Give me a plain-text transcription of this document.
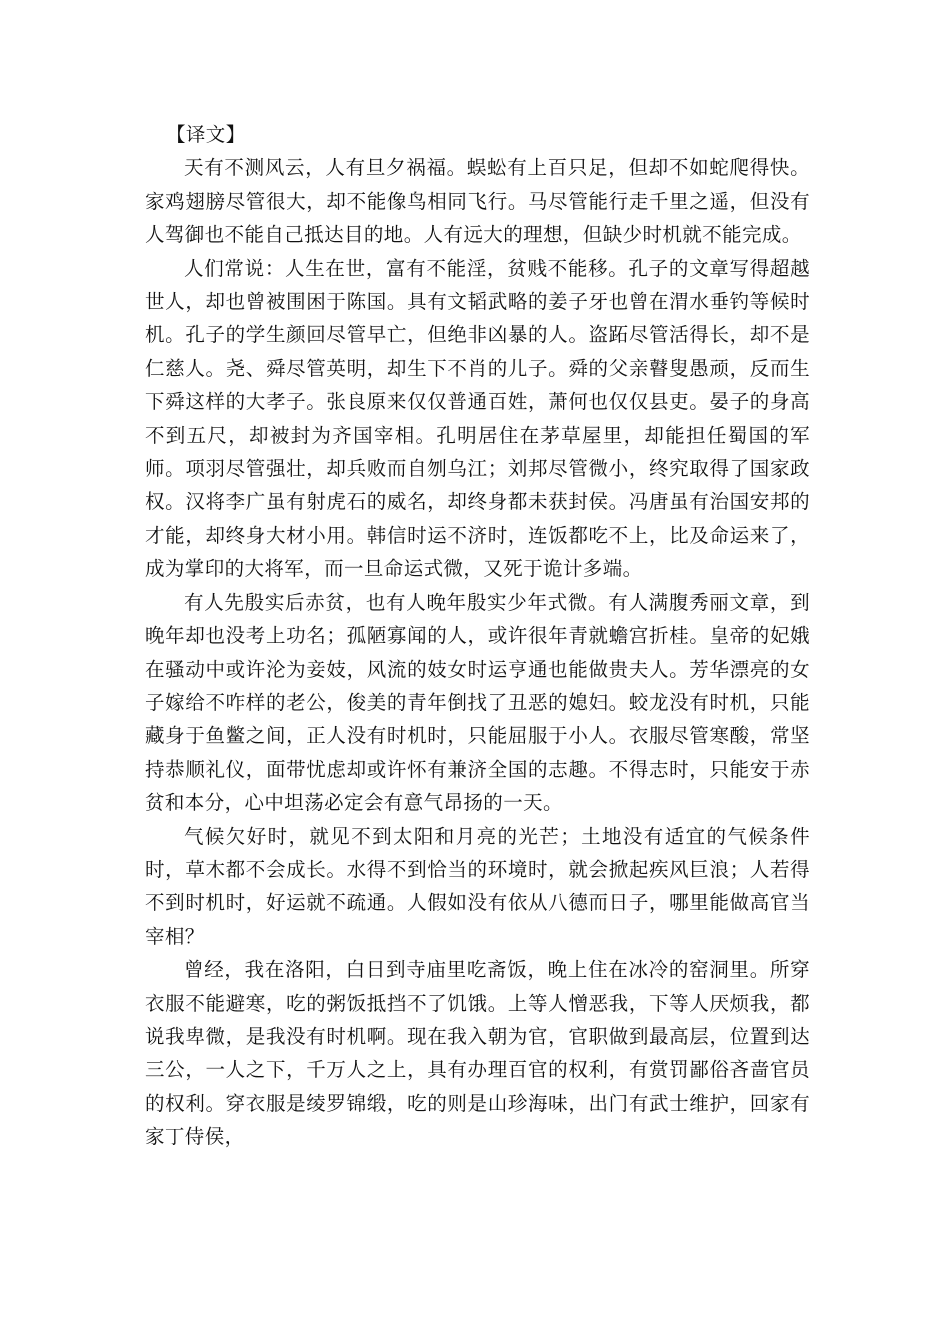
【译文】

天有不测风云，人有旦夕祸福。蜈蚣有上百只足，但却不如蛇爬得快。家鸡翅膀尽管很大，却不能像鸟相同飞行。马尽管能行走千里之遥，但没有人驾御也不能自己抵达目的地。人有远大的理想，但缺少时机就不能完成。

人们常说：人生在世，富有不能淫，贫贱不能移。孔子的文章写得超越世人，却也曾被围困于陈国。具有文韬武略的姜子牙也曾在渭水垂钓等候时机。孔子的学生颜回尽管早亡，但绝非凶暴的人。盗跖尽管活得长，却不是仁慈人。尧、舜尽管英明，却生下不肖的儿子。舜的父亲瞽叟愚顽，反而生下舜这样的大孝子。张良原来仅仅普通百姓，萧何也仅仅县吏。晏子的身高不到五尺，却被封为齐国宰相。孔明居住在茅草屋里，却能担任蜀国的军师。项羽尽管强壮，却兵败而自刎乌江；刘邦尽管微小，终究取得了国家政权。汉将李广虽有射虎石的威名，却终身都未获封侯。冯唐虽有治国安邦的才能，却终身大材小用。韩信时运不济时，连饭都吃不上，比及命运来了，成为掌印的大将军，而一旦命运式微，又死于诡计多端。

有人先殷实后赤贫，也有人晚年殷实少年式微。有人满腹秀丽文章，到晚年却也没考上功名；孤陋寡闻的人，或许很年青就蟾宫折桂。皇帝的妃娥在骚动中或许沦为妾妓，风流的妓女时运亨通也能做贵夫人。芳华漂亮的女子嫁给不咋样的老公，俊美的青年倒找了丑恶的媳妇。蛟龙没有时机，只能藏身于鱼鳖之间，正人没有时机时，只能屈服于小人。衣服尽管寒酸，常坚持恭顺礼仪，面带忧虑却或许怀有兼济全国的志趣。不得志时，只能安于赤贫和本分，心中坦荡必定会有意气昂扬的一天。

气候欠好时，就见不到太阳和月亮的光芒；土地没有适宜的气候条件时，草木都不会成长。水得不到恰当的环境时，就会掀起疾风巨浪；人若得不到时机时，好运就不疏通。人假如没有依从八德而日子，哪里能做高官当宰相？

曾经，我在洛阳，白日到寺庙里吃斋饭，晚上住在冰冷的窑洞里。所穿衣服不能避寒，吃的粥饭抵挡不了饥饿。上等人憎恶我，下等人厌烦我，都说我卑微，是我没有时机啊。现在我入朝为官，官职做到最高层，位置到达三公，一人之下，千万人之上，具有办理百官的权利，有赏罚鄙俗吝啬官员的权利。穿衣服是绫罗锦缎，吃的则是山珍海味，出门有武士维护，回家有家丁侍侯，
